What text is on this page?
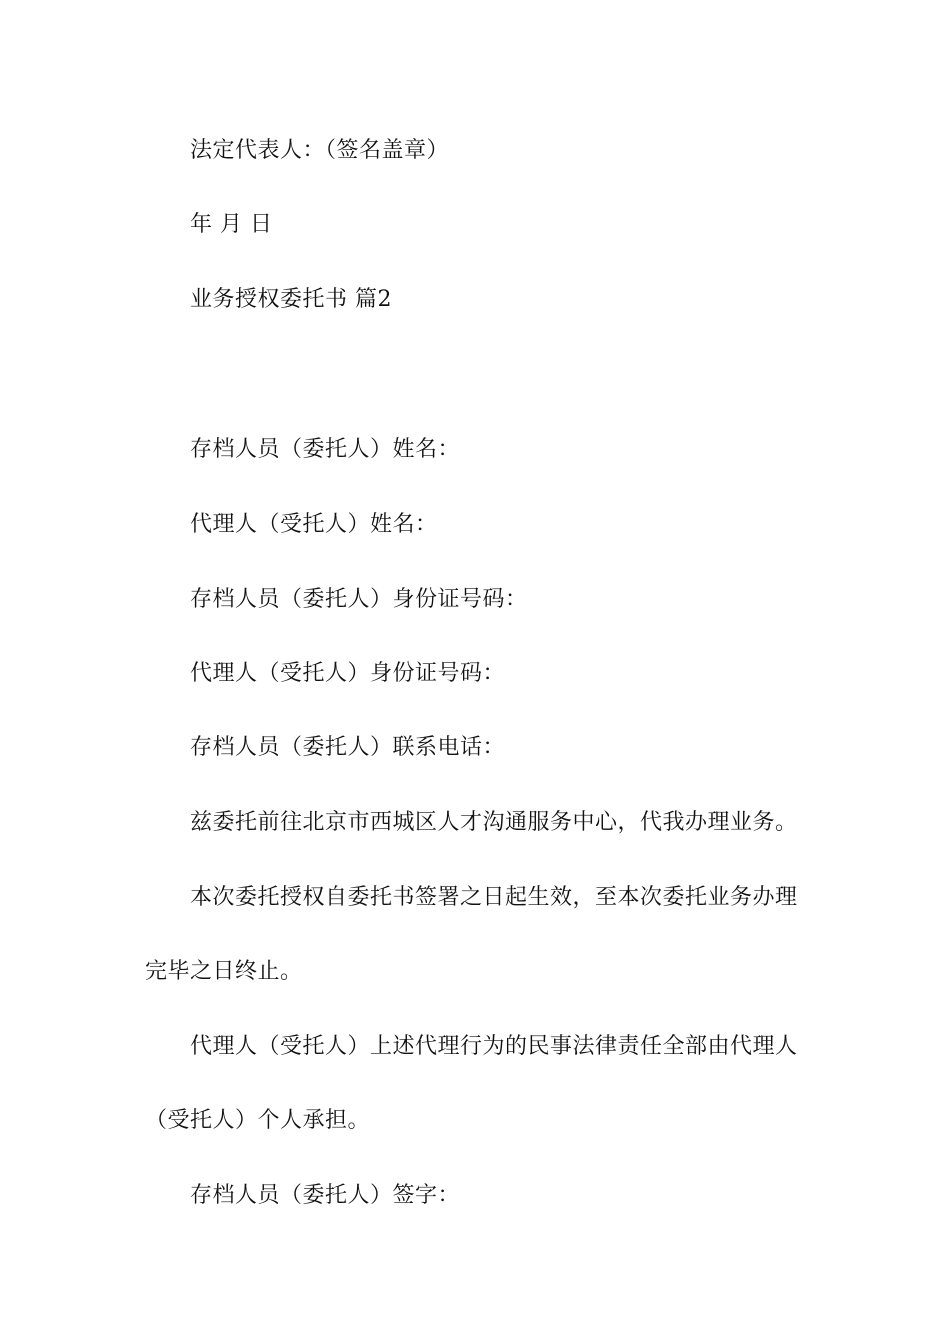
法定代表人：（签名盖章）
年 月 日
业务授权委托书 篇2
存档人员（委托人）姓名：
代理人（受托人）姓名：
存档人员（委托人）身份证号码：
代理人（受托人）身份证号码：
存档人员（委托人）联系电话：
兹委托前往北京市西城区人才沟通服务中心，代我办理业务。
本次委托授权自委托书签署之日起生效，至本次委托业务办理
完毕之日终止。
代理人（受托人）上述代理行为的民事法律责任全部由代理人
（受托人）个人承担。
存档人员（委托人）签字：
